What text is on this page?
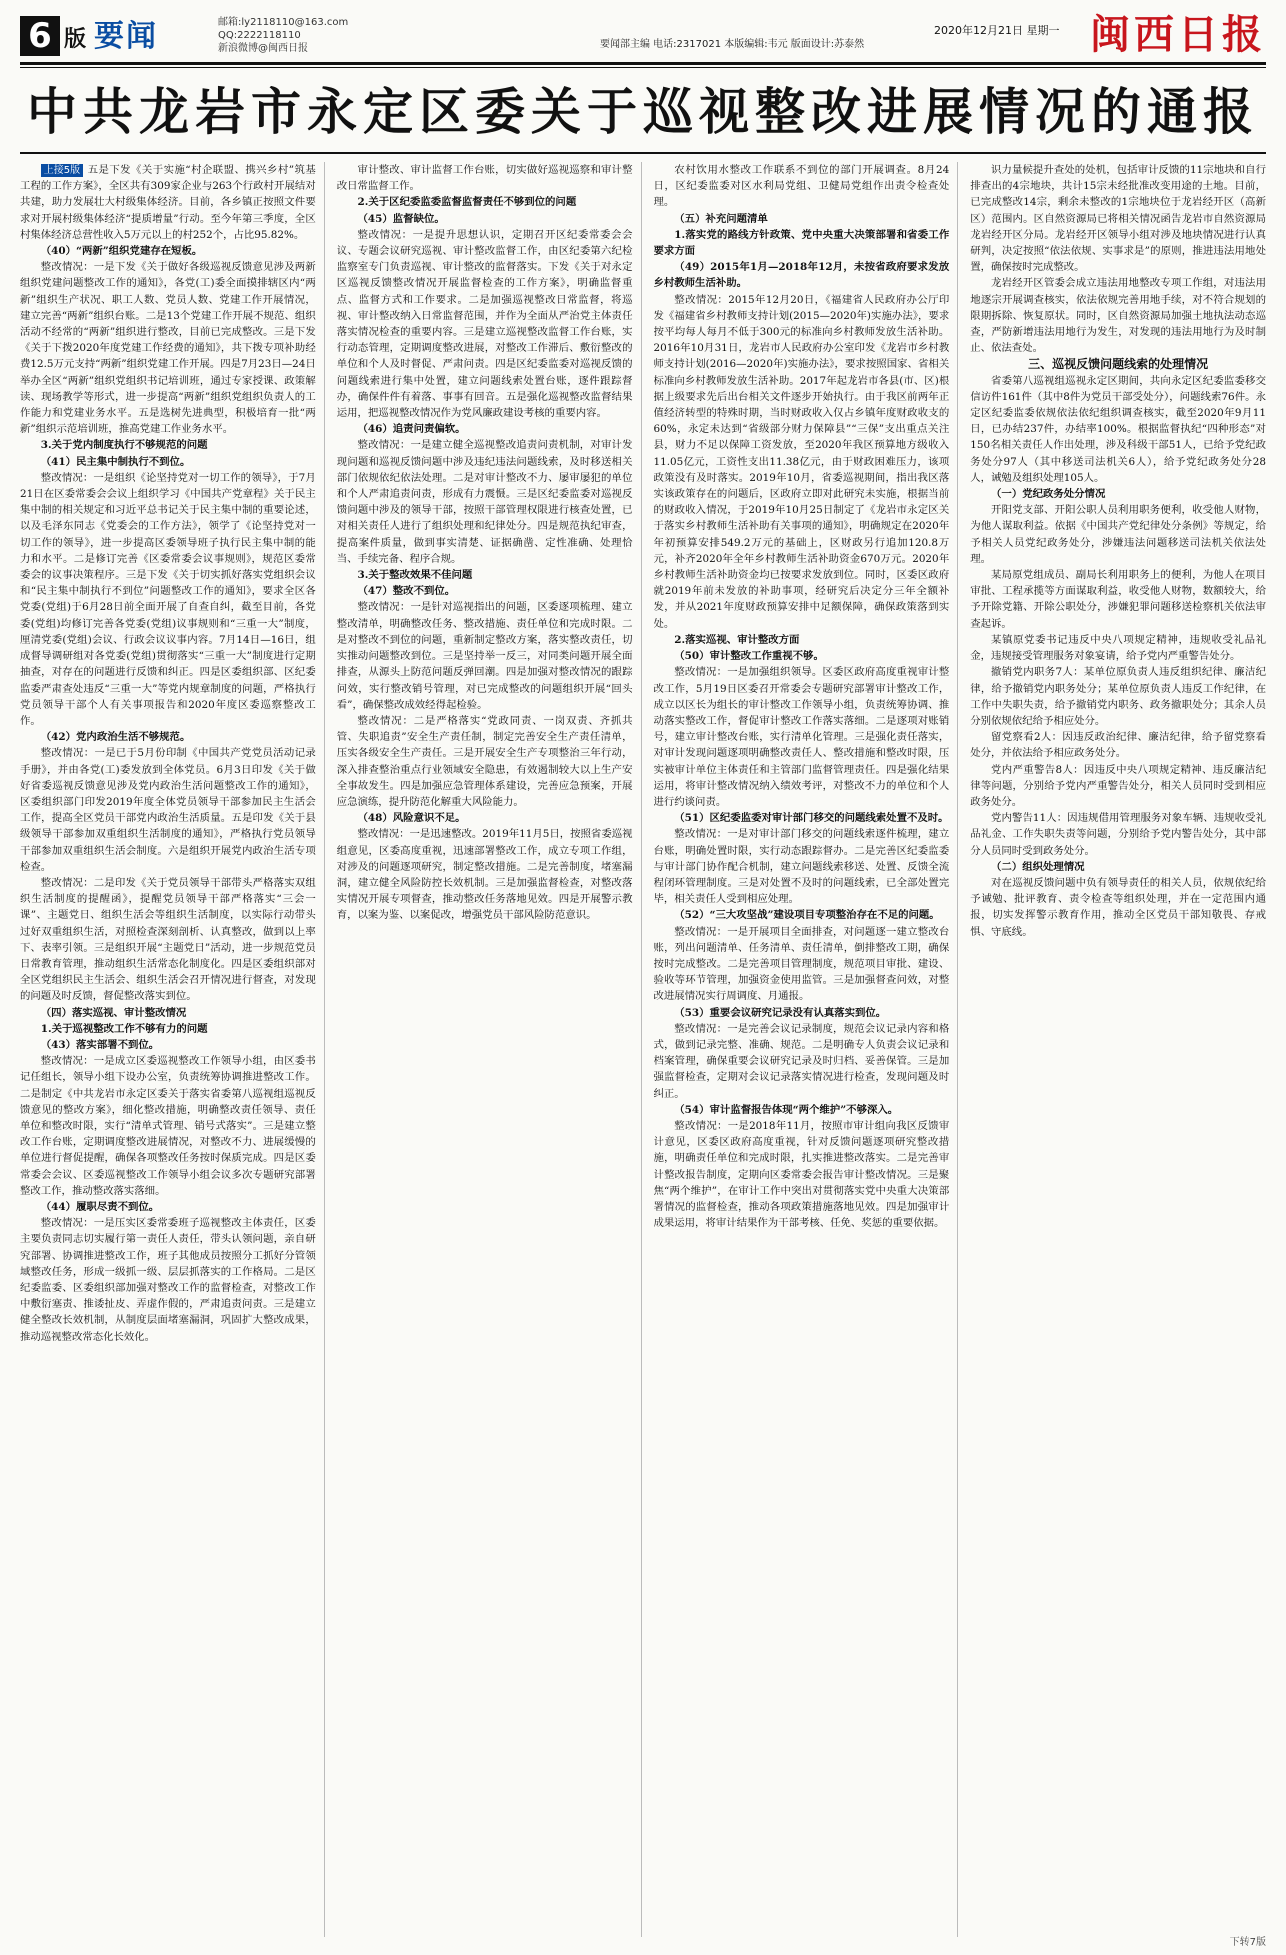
6 版 要闻	邮箱:ly2118110@163.com
QQ:2222118110
新浪微博@闽西日报	要闻部主编 电话:2317021 本版编辑:韦元 版面设计:苏泰然
2020年12月21日 星期一 闽西日报
中共龙岩市永定区委关于巡视整改进展情况的通报

上接5版 五是下发《关于实施“村企联盟、携兴乡村”筑基工程的工作方案》，全区共有309家企业与263个行政村开展结对共建，助力发展壮大村级集体经济。目前，各乡镇正按照文件要求对开展村级集体经济“提质增量”行动。至今年第三季度，全区村集体经济总营性收入5万元以上的村252个，占比95.82%。

（40）“两新”组织党建存在短板。

整改情况：一是下发《关于做好各级巡视反馈意见涉及两新组织党建问题整改工作的通知》，各党(工)委全面摸排辖区内“两新”组织生产状况、职工人数、党员人数、党建工作开展情况，建立完善“两新”组织台账。二是13个党建工作开展不规范、组织活动不经常的“两新”组织进行整改，目前已完成整改。三是下发《关于下拨2020年度党建工作经费的通知》，共下拨专项补助经费12.5万元支持“两新”组织党建工作开展。四是7月23日—24日举办全区“两新”组织党组织书记培训班，通过专家授课、政策解读、现场教学等形式，进一步提高“两新”组织党组织负责人的工作能力和党建业务水平。五是选树先进典型，积极培育一批“两新”组织示范培训班，推高党建工作业务水平。

3.关于党内制度执行不够规范的问题

（41）民主集中制执行不到位。

整改情况：一是组织《论坚持党对一切工作的领导》，于7月21日在区委常委会会议上组织学习《中国共产党章程》关于民主集中制的相关规定和习近平总书记关于民主集中制的重要论述，以及毛泽东同志《党委会的工作方法》，领学了《论坚持党对一切工作的领导》，进一步提高区委领导班子执行民主集中制的能力和水平。二是修订完善《区委常委会议事规则》，规范区委常委会的议事决策程序。三是下发《关于切实抓好落实党组织会议和“民主集中制执行不到位”问题整改工作的通知》，要求全区各党委(党组)于6月28日前全面开展了自查自纠，截至目前，各党委(党组)均修订完善各党委(党组)议事规则和“三重一大”制度，厘清党委(党组)会议、行政会议议事内容。7月14日—16日，组成督导调研组对各党委(党组)贯彻落实“三重一大”制度进行定期抽查，对存在的问题进行反馈和纠正。四是区委组织部、区纪委监委严肃查处违反“三重一大”等党内规章制度的问题，严格执行党员领导干部个人有关事项报告和2020年度区委巡察整改工作。

（42）党内政治生活不够规范。

整改情况：一是已于5月份印制《中国共产党党员活动记录手册》，并由各党(工)委发放到全体党员。6月3日印发《关于做好省委巡视反馈意见涉及党内政治生活问题整改工作的通知》，区委组织部门印发2019年度全体党员领导干部参加民主生活会工作，提高全区党员干部党内政治生活质量。五是印发《关于县级领导干部参加双重组织生活制度的通知》，严格执行党员领导干部参加双重组织生活会制度。六是组织开展党内政治生活专项检查。

整改情况：二是印发《关于党员领导干部带头严格落实双组织生活制度的提醒函》，提醒党员领导干部严格落实“三会一课”、主题党日、组织生活会等组织生活制度，以实际行动带头过好双重组织生活，对照检查深刻剖析、认真整改，做到以上率下、表率引领。三是组织开展“主题党日”活动，进一步规范党员日常教育管理，推动组织生活常态化制度化。四是区委组织部对全区党组织民主生活会、组织生活会召开情况进行督查，对发现的问题及时反馈，督促整改落实到位。

（四）落实巡视、审计整改情况

1.关于巡视整改工作不够有力的问题

（43）落实部署不到位。

整改情况：一是成立区委巡视整改工作领导小组，由区委书记任组长，领导小组下设办公室，负责统筹协调推进整改工作。二是制定《中共龙岩市永定区委关于落实省委第八巡视组巡视反馈意见的整改方案》，细化整改措施，明确整改责任领导、责任单位和整改时限，实行“清单式管理、销号式落实”。三是建立整改工作台账，定期调度整改进展情况，对整改不力、进展缓慢的单位进行督促提醒，确保各项整改任务按时保质完成。四是区委常委会会议、区委巡视整改工作领导小组会议多次专题研究部署整改工作，推动整改落实落细。

（44）履职尽责不到位。

整改情况：一是压实区委常委班子巡视整改主体责任，区委主要负责同志切实履行第一责任人责任，带头认领问题，亲自研究部署、协调推进整改工作，班子其他成员按照分工抓好分管领域整改任务，形成一级抓一级、层层抓落实的工作格局。二是区纪委监委、区委组织部加强对整改工作的监督检查，对整改工作中敷衍塞责、推诿扯皮、弄虚作假的，严肃追责问责。三是建立健全整改长效机制，从制度层面堵塞漏洞，巩固扩大整改成果，推动巡视整改常态化长效化。

审计整改、审计监督工作台账，切实做好巡视巡察和审计整改日常监督工作。

2.关于区纪委监委监督监督责任不够到位的问题

（45）监督缺位。

整改情况：一是提升思想认识，定期召开区纪委常委会会议、专题会议研究巡视、审计整改监督工作，由区纪委第六纪检监察室专门负责巡视、审计整改的监督落实。下发《关于对永定区巡视反馈整改情况开展监督检查的工作方案》，明确监督重点、监督方式和工作要求。二是加强巡视整改日常监督，将巡视、审计整改纳入日常监督范围，并作为全面从严治党主体责任落实情况检查的重要内容。三是建立巡视整改监督工作台账，实行动态管理，定期调度整改进展，对整改工作滞后、敷衍整改的单位和个人及时督促、严肃问责。四是区纪委监委对巡视反馈的问题线索进行集中处置，建立问题线索处置台账，逐件跟踪督办，确保件件有着落、事事有回音。五是强化巡视整改监督结果运用，把巡视整改情况作为党风廉政建设考核的重要内容。

（46）追责问责偏软。

整改情况：一是建立健全巡视整改追责问责机制，对审计发现问题和巡视反馈问题中涉及违纪违法问题线索，及时移送相关部门依规依纪依法处理。二是对审计整改不力、屡审屡犯的单位和个人严肃追责问责，形成有力震慑。三是区纪委监委对巡视反馈问题中涉及的领导干部，按照干部管理权限进行核查处置，已对相关责任人进行了组织处理和纪律处分。四是规范执纪审查，提高案件质量，做到事实清楚、证据确凿、定性准确、处理恰当、手续完备、程序合规。

3.关于整改效果不佳问题

（47）整改不到位。

整改情况：一是针对巡视指出的问题，区委逐项梳理、建立整改清单，明确整改任务、整改措施、责任单位和完成时限。二是对整改不到位的问题，重新制定整改方案，落实整改责任，切实推动问题整改到位。三是坚持举一反三，对同类问题开展全面排查，从源头上防范问题反弹回潮。四是加强对整改情况的跟踪问效，实行整改销号管理，对已完成整改的问题组织开展“回头看”，确保整改成效经得起检验。

整改情况：二是严格落实“党政同责、一岗双责、齐抓共管、失职追责”安全生产责任制，制定完善安全生产责任清单，压实各级安全生产责任。三是开展安全生产专项整治三年行动，深入排查整治重点行业领域安全隐患，有效遏制较大以上生产安全事故发生。四是加强应急管理体系建设，完善应急预案，开展应急演练，提升防范化解重大风险能力。

（48）风险意识不足。

整改情况：一是迅速整改。2019年11月5日，按照省委巡视组意见，区委高度重视，迅速部署整改工作，成立专项工作组，对涉及的问题逐项研究，制定整改措施。二是完善制度，堵塞漏洞，建立健全风险防控长效机制。三是加强监督检查，对整改落实情况开展专项督查，推动整改任务落地见效。四是开展警示教育，以案为鉴、以案促改，增强党员干部风险防范意识。

农村饮用水整改工作联系不到位的部门开展调查。8月24日，区纪委监委对区水利局党组、卫健局党组作出责令检查处理。

（五）补充问题清单

1.落实党的路线方针政策、党中央重大决策部署和省委工作要求方面

（49）2015年1月—2018年12月，未按省政府要求发放乡村教师生活补助。

整改情况：2015年12月20日，《福建省人民政府办公厅印发《福建省乡村教师支持计划(2015—2020年)实施办法》，要求按平均每人每月不低于300元的标准向乡村教师发放生活补助。2016年10月31日，龙岩市人民政府办公室印发《龙岩市乡村教师支持计划(2016—2020年)实施办法》，要求按照国家、省相关标准向乡村教师发放生活补助。2017年起龙岩市各县(市、区)根据上级要求先后出台相关文件逐步开始执行。由于我区前两年正值经济转型的特殊时期，当时财政收入仅占乡镇年度财政收支的60%，永定未达到“省级部分财力保障县”“三保”支出重点关注县，财力不足以保障工资发放，至2020年我区预算地方级收入11.05亿元，工资性支出11.38亿元，由于财政困难压力，该项政策没有及时落实。2019年10月，省委巡视期间，指出我区落实该政策存在的问题后，区政府立即对此研究未实施，根据当前的财政收入情况，于2019年10月25日制定了《龙岩市永定区关于落实乡村教师生活补助有关事项的通知》，明确规定在2020年年初预算安排549.2万元的基础上，区财政另行追加120.8万元，补齐2020年全年乡村教师生活补助资金670万元。2020年乡村教师生活补助资金均已按要求发放到位。同时，区委区政府就2019年前未发放的补助事项，经研究后决定分三年全额补发，并从2021年度财政预算安排中足额保障，确保政策落到实处。

2.落实巡视、审计整改方面

（50）审计整改工作重视不够。

整改情况：一是加强组织领导。区委区政府高度重视审计整改工作，5月19日区委召开常委会专题研究部署审计整改工作，成立以区长为组长的审计整改工作领导小组，负责统筹协调、推动落实整改工作，督促审计整改工作落实落细。二是逐项对账销号，建立审计整改台账，实行清单化管理。三是强化责任落实，对审计发现问题逐项明确整改责任人、整改措施和整改时限，压实被审计单位主体责任和主管部门监督管理责任。四是强化结果运用，将审计整改情况纳入绩效考评，对整改不力的单位和个人进行约谈问责。

（51）区纪委监委对审计部门移交的问题线索处置不及时。

整改情况：一是对审计部门移交的问题线索逐件梳理，建立台账，明确处置时限，实行动态跟踪督办。二是完善区纪委监委与审计部门协作配合机制，建立问题线索移送、处置、反馈全流程闭环管理制度。三是对处置不及时的问题线索，已全部处置完毕，相关责任人受到相应处理。

（52）“三大攻坚战”建设项目专项整治存在不足的问题。

整改情况：一是开展项目全面排查，对问题逐一建立整改台账，列出问题清单、任务清单、责任清单，倒排整改工期，确保按时完成整改。二是完善项目管理制度，规范项目审批、建设、验收等环节管理，加强资金使用监管。三是加强督查问效，对整改进展情况实行周调度、月通报。

（53）重要会议研究记录没有认真落实到位。

整改情况：一是完善会议记录制度，规范会议记录内容和格式，做到记录完整、准确、规范。二是明确专人负责会议记录和档案管理，确保重要会议研究记录及时归档、妥善保管。三是加强监督检查，定期对会议记录落实情况进行检查，发现问题及时纠正。

（54）审计监督报告体现“两个维护”不够深入。

整改情况：一是2018年11月，按照市审计组向我区反馈审计意见，区委区政府高度重视，针对反馈问题逐项研究整改措施，明确责任单位和完成时限，扎实推进整改落实。二是完善审计整改报告制度，定期向区委常委会报告审计整改情况。三是聚焦“两个维护”，在审计工作中突出对贯彻落实党中央重大决策部署情况的监督检查，推动各项政策措施落地见效。四是加强审计成果运用，将审计结果作为干部考核、任免、奖惩的重要依据。

识力量候提升查处的处机，包括审计反馈的11宗地块和自行排查出的4宗地块，共计15宗未经批准改变用途的土地。目前，已完成整改14宗，剩余未整改的1宗地块位于龙岩经开区（高新区）范围内。区自然资源局已将相关情况函告龙岩市自然资源局龙岩经开区分局。龙岩经开区领导小组对涉及地块情况进行认真研判，决定按照“依法依规、实事求是”的原则，推进违法用地处置，确保按时完成整改。

龙岩经开区管委会成立违法用地整改专项工作组，对违法用地逐宗开展调查核实，依法依规完善用地手续，对不符合规划的限期拆除、恢复原状。同时，区自然资源局加强土地执法动态巡查，严防新增违法用地行为发生，对发现的违法用地行为及时制止、依法查处。

三、巡视反馈问题线索的处理情况

省委第八巡视组巡视永定区期间，共向永定区纪委监委移交信访件161件（其中8件为党员干部受处分），问题线索76件。永定区纪委监委依规依法依纪组织调查核实，截至2020年9月11日，已办结237件，办结率100%。根据监督执纪“四种形态”对150名相关责任人作出处理，涉及科级干部51人，已给予党纪政务处分97人（其中移送司法机关6人），给予党纪政务处分28人，诫勉及组织处理105人。

（一）党纪政务处分情况

开阳党支部、开阳公职人员利用职务便利，收受他人财物，为他人谋取利益。依据《中国共产党纪律处分条例》等规定，给予相关人员党纪政务处分，涉嫌违法问题移送司法机关依法处理。

某局原党组成员、副局长利用职务上的便利，为他人在项目审批、工程承揽等方面谋取利益，收受他人财物，数额较大，给予开除党籍、开除公职处分，涉嫌犯罪问题移送检察机关依法审查起诉。

某镇原党委书记违反中央八项规定精神，违规收受礼品礼金，违规接受管理服务对象宴请，给予党内严重警告处分。

撤销党内职务7人：某单位原负责人违反组织纪律、廉洁纪律，给予撤销党内职务处分；某单位原负责人违反工作纪律，在工作中失职失责，给予撤销党内职务、政务撤职处分；其余人员分别依规依纪给予相应处分。

留党察看2人：因违反政治纪律、廉洁纪律，给予留党察看处分，并依法给予相应政务处分。

党内严重警告8人：因违反中央八项规定精神、违反廉洁纪律等问题，分别给予党内严重警告处分，相关人员同时受到相应政务处分。

党内警告11人：因违规借用管理服务对象车辆、违规收受礼品礼金、工作失职失责等问题，分别给予党内警告处分，其中部分人员同时受到政务处分。

（二）组织处理情况

对在巡视反馈问题中负有领导责任的相关人员，依规依纪给予诫勉、批评教育、责令检查等组织处理，并在一定范围内通报，切实发挥警示教育作用，推动全区党员干部知敬畏、存戒惧、守底线。

下转7版
